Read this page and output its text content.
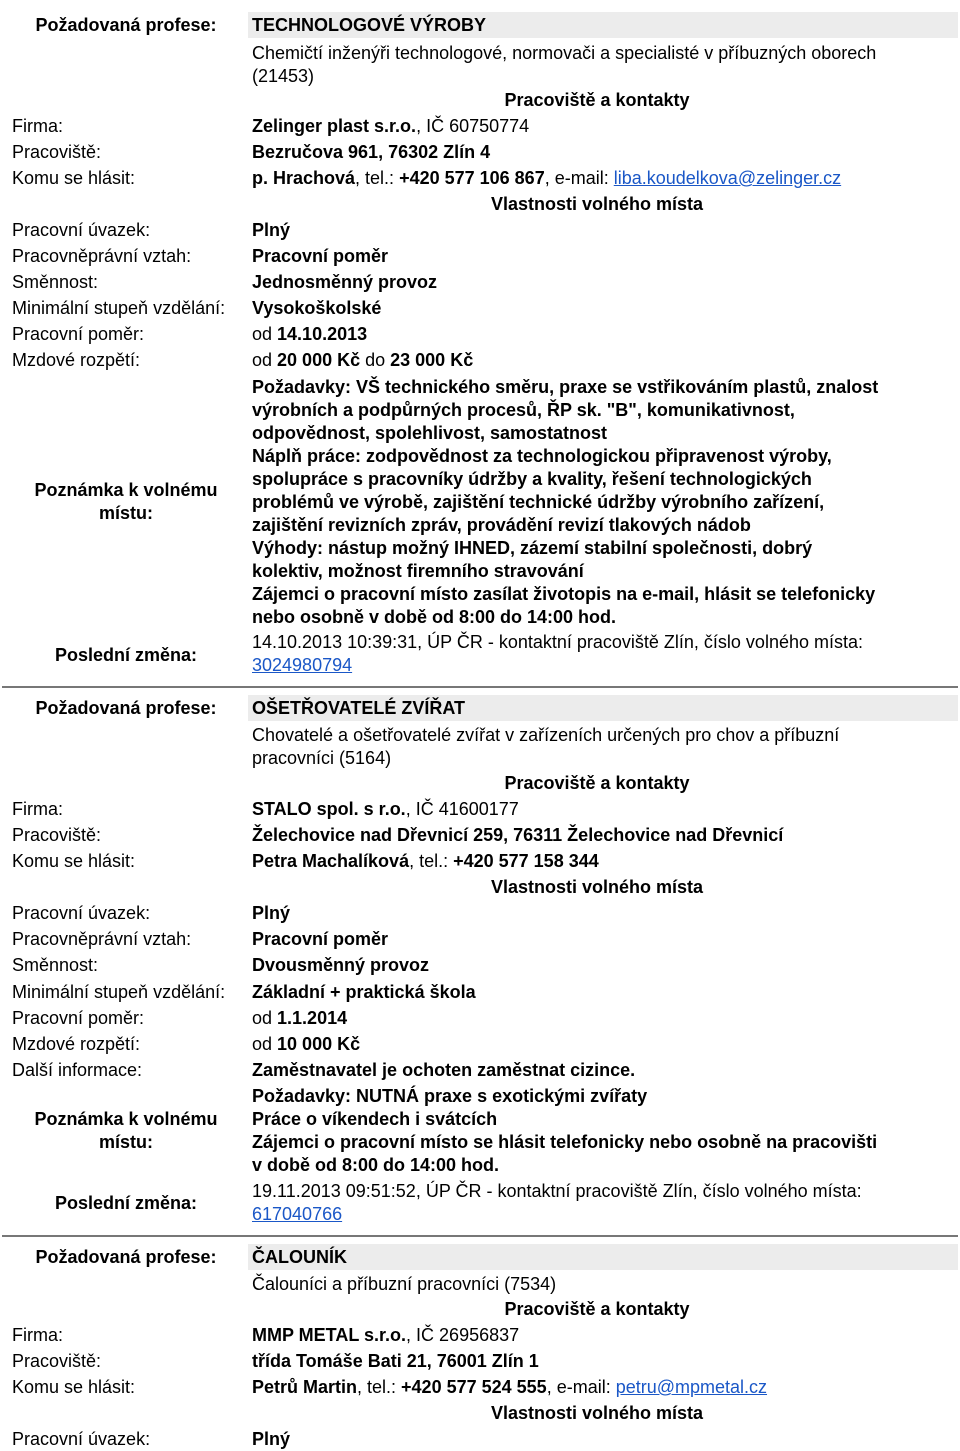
Požadovaná profese:	TECHNOLOGOVÉ VÝROBY
Chemičtí inženýři technologové, normovači a specialisté v příbuzných oborech
(21453)
Pracoviště a kontakty
Firma:	Zelinger plast s.r.o., IČ 60750774
Pracoviště:	Bezručova 961, 76302 Zlín 4
Komu se hlásit:	p. Hrachová, tel.: +420 577 106 867, e-mail: liba.koudelkova@zelinger.cz
Vlastnosti volného místa
Pracovní úvazek:	Plný
Pracovněprávní vztah:	Pracovní poměr
Směnnost:	Jednosměnný provoz
Minimální stupeň vzdělání: Vysokoškolské
Pracovní poměr:	od 14.10.2013
Mzdové rozpětí:	od 20 000 Kč do 23 000 Kč
Poznámka k volnému
místu:
Požadavky: VŠ technického směru, praxe se vstřikováním plastů, znalost
výrobních a podpůrných procesů, ŘP sk. "B", komunikativnost,
odpovědnost, spolehlivost, samostatnost
Náplň práce: zodpovědnost za technologickou připravenost výroby,
spolupráce s pracovníky údržby a kvality, řešení technologických
problémů ve výrobě, zajištění technické údržby výrobního zařízení,
zajištění revizních zpráv, provádění revizí tlakových nádob
Výhody: nástup možný IHNED, zázemí stabilní společnosti, dobrý
kolektiv, možnost firemního stravování
Zájemci o pracovní místo zasílat životopis na e-mail, hlásit se telefonicky
nebo osobně v době od 8:00 do 14:00 hod.
Poslední změna:
14.10.2013 10:39:31, ÚP ČR - kontaktní pracoviště Zlín, číslo volného místa:
3024980794
Požadovaná profese:	OŠETŘOVATELÉ ZVÍŘAT
Chovatelé a ošetřovatelé zvířat v zařízeních určených pro chov a příbuzní
pracovníci (5164)
Pracoviště a kontakty
Firma:	STALO spol. s r.o., IČ 41600177
Pracoviště:	Želechovice nad Dřevnicí 259, 76311 Želechovice nad Dřevnicí
Komu se hlásit:	Petra Machalíková, tel.: +420 577 158 344
Vlastnosti volného místa
Pracovní úvazek:	Plný
Pracovněprávní vztah:	Pracovní poměr
Směnnost:	Dvousměnný provoz
Minimální stupeň vzdělání: Základní + praktická škola
Pracovní poměr:	od 1.1.2014
Mzdové rozpětí:	od 10 000 Kč
Další informace:	Zaměstnavatel je ochoten zaměstnat cizince.
Poznámka k volnému
místu:
Požadavky: NUTNÁ praxe s exotickými zvířaty
Práce o víkendech i svátcích
Zájemci o pracovní místo se hlásit telefonicky nebo osobně na pracovišti
v době od 8:00 do 14:00 hod.
Poslední změna:
19.11.2013 09:51:52, ÚP ČR - kontaktní pracoviště Zlín, číslo volného místa:
617040766
Požadovaná profese:	ČALOUNÍK
Čalouníci a příbuzní pracovníci (7534)
Pracoviště a kontakty
Firma:	MMP METAL s.r.o., IČ 26956837
Pracoviště:	třída Tomáše Bati 21, 76001 Zlín 1
Komu se hlásit:	Petrů Martin, tel.: +420 577 524 555, e-mail: petru@mpmetal.cz
Vlastnosti volného místa
Pracovní úvazek:	Plný
